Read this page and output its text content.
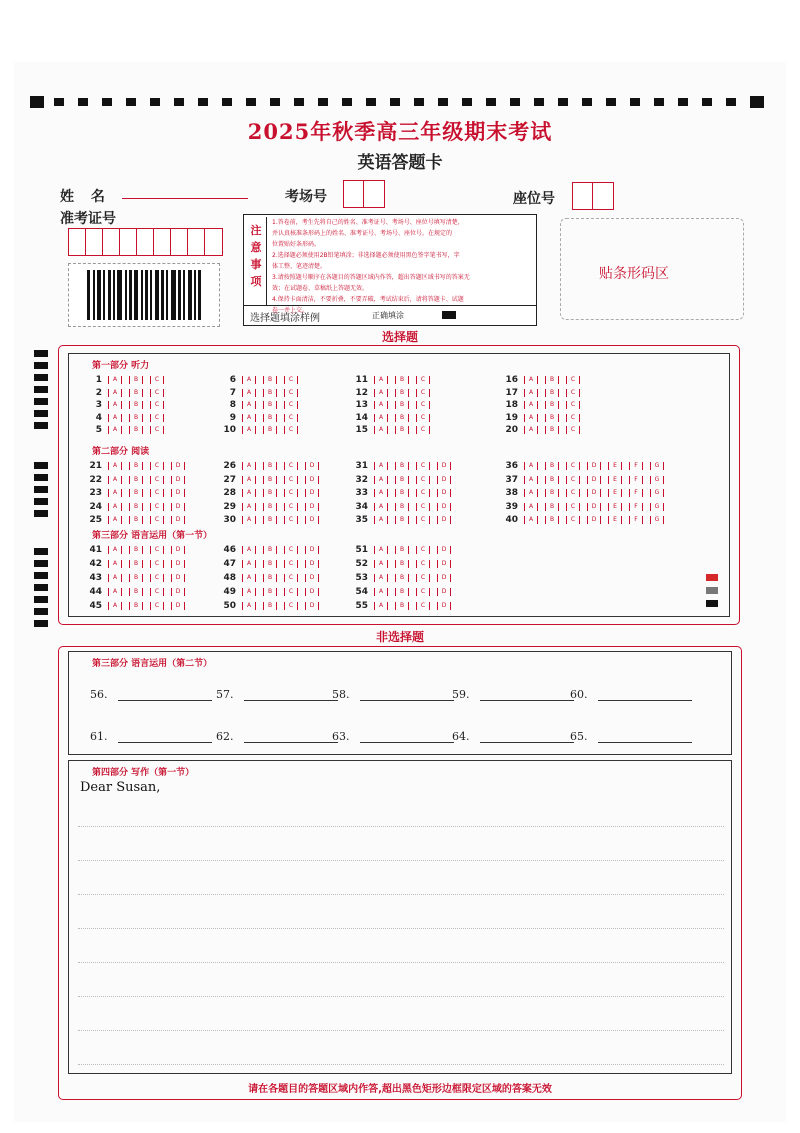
2025年秋季高三年级期末考试
英语答题卡
姓 名	考场号	座位号
准考证号
注
意
事
项
1.答卷前，考生先将自己的姓名、准考证号、考场号、座位号填写清楚，
并认真核准条形码上的姓名、准考证号、考场号、座位号，在规定的
位置贴好条形码。
2.选择题必须使用2B铅笔填涂；非选择题必须使用黑色签字笔书写，字
体工整、笔迹清楚。
3.请按照题号顺序在各题目的答题区域内作答，超出答题区域书写的答案无
效；在试题卷、草稿纸上答题无效。
4.保持卡面清洁，不要折叠，不要弄破，考试结束后，请将答题卡、试题
卷一并上交。
选择题填涂样例	正确填涂
贴条形码区
选择题
第一部分 听力
第二部分 阅读
第三部分 语言运用（第一节）
1	A	B	C
2	A	B	C
3	A	B	C
4	A	B	C
5	A	B	C
6	A	B	C
7	A	B	C
8	A	B	C
9	A	B	C
10	A	B	C
11	A	B	C
12	A	B	C
13	A	B	C
14	A	B	C
15	A	B	C
16	A	B	C
17	A	B	C
18	A	B	C
19	A	B	C
20	A	B	C
21	A	B	C	D
22	A	B	C	D
23	A	B	C	D
24	A	B	C	D
25	A	B	C	D
26	A	B	C	D
27	A	B	C	D
28	A	B	C	D
29	A	B	C	D
30	A	B	C	D
31	A	B	C	D
32	A	B	C	D
33	A	B	C	D
34	A	B	C	D
35	A	B	C	D
36	A	B	C	D	E	F	G
37	A	B	C	D	E	F	G
38	A	B	C	D	E	F	G
39	A	B	C	D	E	F	G
40	A	B	C	D	E	F	G
41	A	B	C	D
42	A	B	C	D
43	A	B	C	D
44	A	B	C	D
45	A	B	C	D
46	A	B	C	D
47	A	B	C	D
48	A	B	C	D
49	A	B	C	D
50	A	B	C	D
51	A	B	C	D
52	A	B	C	D
53	A	B	C	D
54	A	B	C	D
55	A	B	C	D
非选择题
第三部分 语言运用（第二节）
56.	57.	58.	59.	60.
61.	62.	63.	64.	65.
第四部分 写作（第一节）
Dear Susan,
请在各题目的答题区域内作答,超出黑色矩形边框限定区域的答案无效
